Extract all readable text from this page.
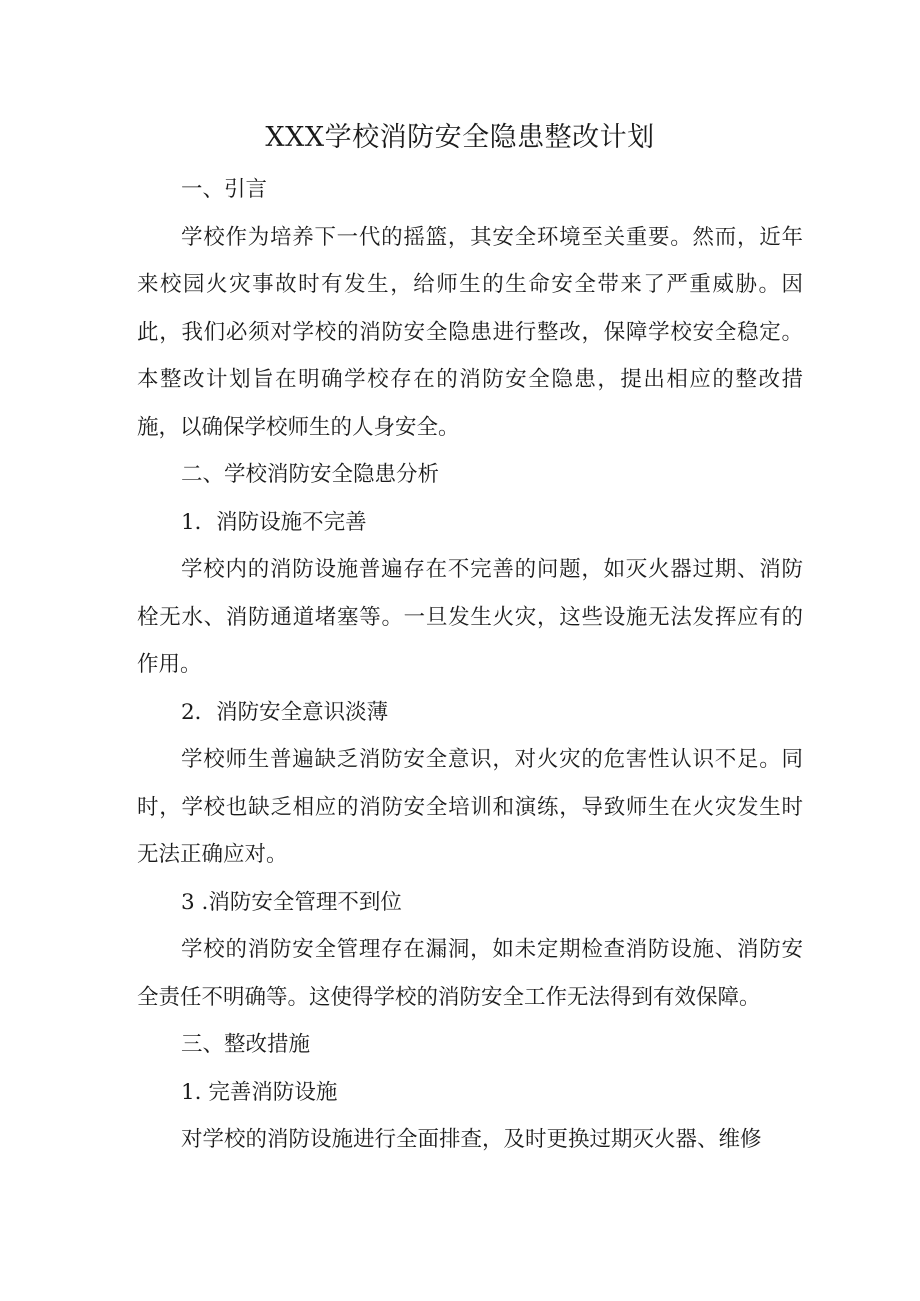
XXX学校消防安全隐患整改计划

一、引言

学校作为培养下一代的摇篮，其安全环境至关重要。然而，近年来校园火灾事故时有发生，给师生的生命安全带来了严重威胁。因此，我们必须对学校的消防安全隐患进行整改，保障学校安全稳定。本整改计划旨在明确学校存在的消防安全隐患，提出相应的整改措施，以确保学校师生的人身安全。

二、学校消防安全隐患分析

1．消防设施不完善

学校内的消防设施普遍存在不完善的问题，如灭火器过期、消防栓无水、消防通道堵塞等。一旦发生火灾，这些设施无法发挥应有的作用。

2．消防安全意识淡薄

学校师生普遍缺乏消防安全意识，对火灾的危害性认识不足。同时，学校也缺乏相应的消防安全培训和演练，导致师生在火灾发生时无法正确应对。

3 .消防安全管理不到位

学校的消防安全管理存在漏洞，如未定期检查消防设施、消防安全责任不明确等。这使得学校的消防安全工作无法得到有效保障。

三、整改措施

1. 完善消防设施

对学校的消防设施进行全面排查，及时更换过期灭火器、维修
